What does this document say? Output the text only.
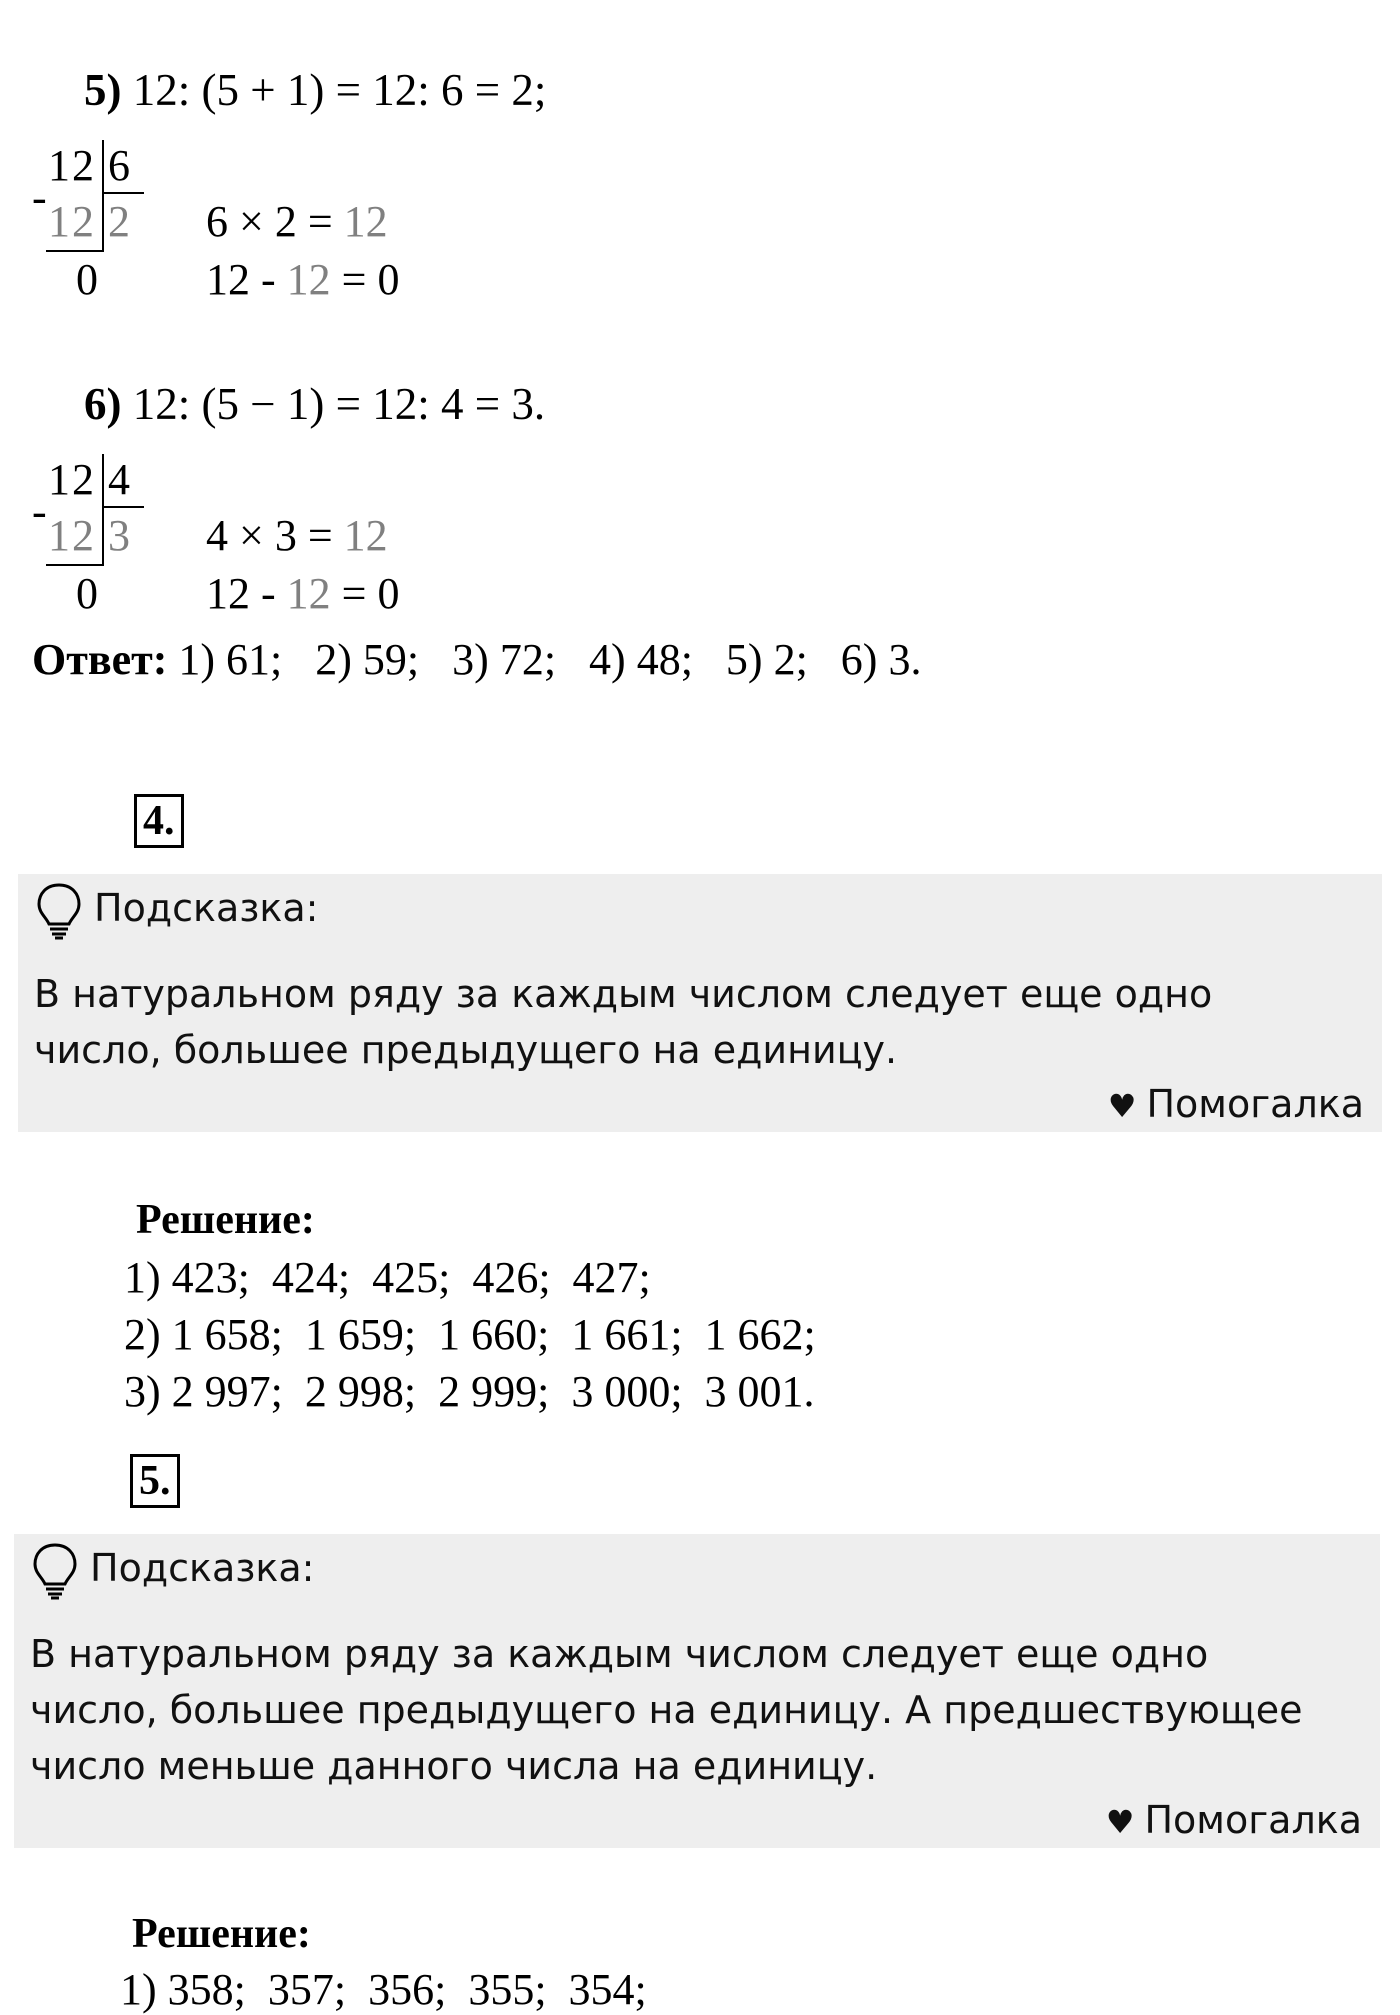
5) 12: (5 + 1) = 12: 6 = 2;
12 6
- 12 2
0
6 × 2 = 12
12 - 12 = 0
6) 12: (5 − 1) = 12: 4 = 3.
12 4
- 12 3
0
4 × 3 = 12
12 - 12 = 0
Ответ: 1) 61;   2) 59;   3) 72;   4) 48;   5) 2;   6) 3.
4.
Подсказка:
В натуральном ряду за каждым числом следует еще одно число, большее предыдущего на единицу.
♥ Помогалка
Решение:
1) 423;  424;  425;  426;  427;
2) 1 658;  1 659;  1 660;  1 661;  1 662;
3) 2 997;  2 998;  2 999;  3 000;  3 001.
5.
Подсказка:
В натуральном ряду за каждым числом следует еще одно число, большее предыдущего на единицу. А предшествующее число меньше данного числа на единицу.
♥ Помогалка
Решение:
1) 358;  357;  356;  355;  354;
